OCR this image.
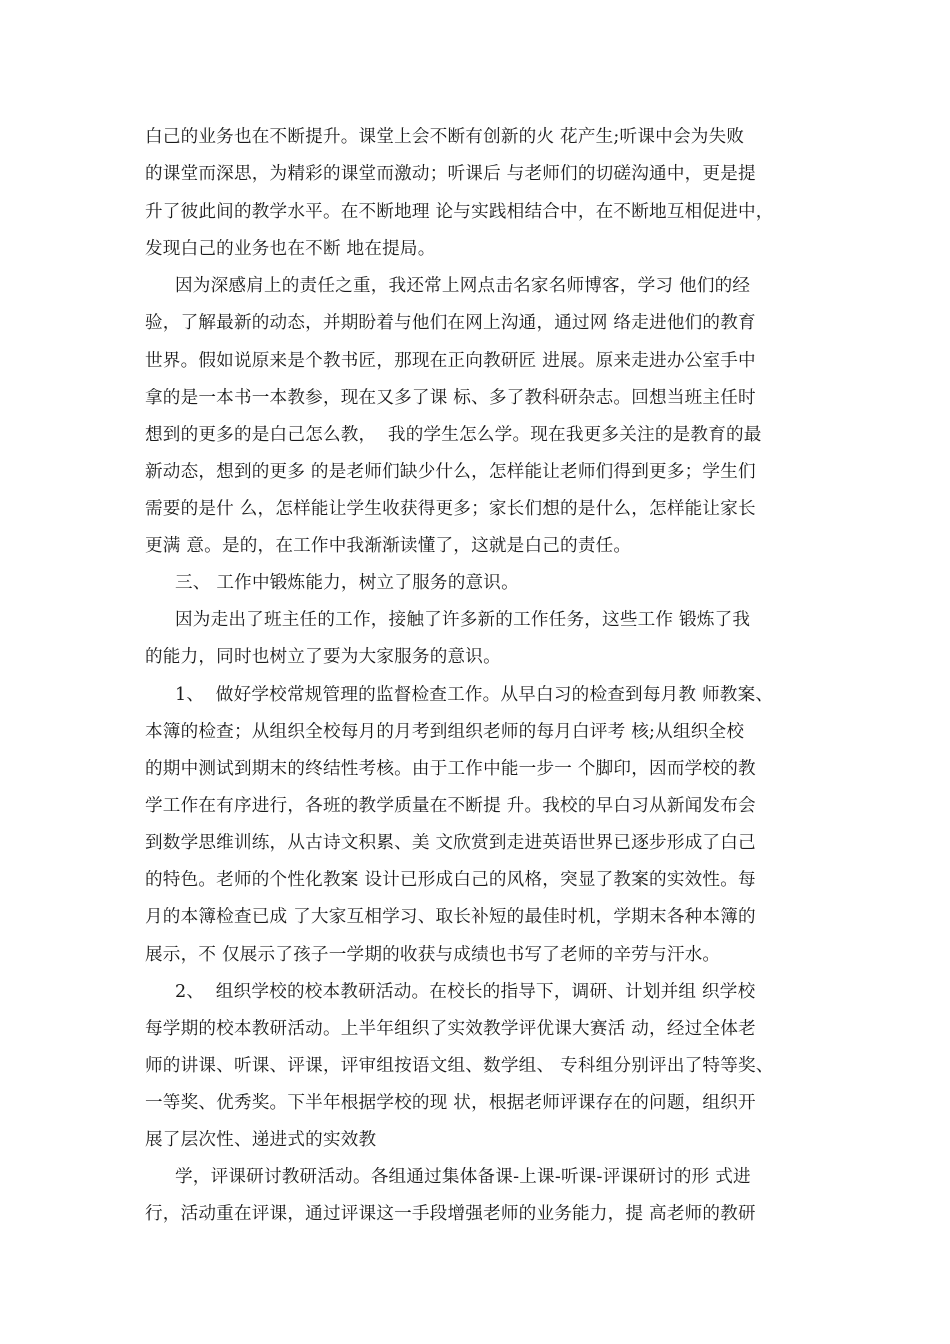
白己的业务也在不断提升。课堂上会不断有创新的火 花产生;听课中会为失败
的课堂而深思，为精彩的课堂而激动；听课后 与老师们的切磋沟通中，更是提
升了彼此间的教学水平。在不断地理 论与实践相结合中，在不断地互相促进中，
发现白己的业务也在不断 地在提局。
因为深感肩上的责任之重，我还常上网点击名家名师博客，学习 他们的经
验，了解最新的动态，并期盼着与他们在网上沟通，通过网 络走进他们的教育
世界。假如说原来是个教书匠，那现在正向教研匠 进展。原来走进办公室手中
拿的是一本书一本教参，现在又多了课 标、多了教科研杂志。回想当班主任时
想到的更多的是白己怎么教，  我的学生怎么学。现在我更多关注的是教育的最
新动态，想到的更多 的是老师们缺少什么，怎样能让老师们得到更多；学生们
需要的是什 么，怎样能让学生收获得更多；家长们想的是什么，怎样能让家长
更满 意。是的，在工作中我渐渐读懂了，这就是白己的责任。
三、 工作中锻炼能力，树立了服务的意识。
因为走出了班主任的工作，接触了许多新的工作任务，这些工作 锻炼了我
的能力，同时也树立了要为大家服务的意识。
1、  做好学校常规管理的监督检查工作。从早白习的检查到每月教 师教案、
本簿的检查；从组织全校每月的月考到组织老师的每月白评考 核;从组织全校
的期中测试到期末的终结性考核。由于工作中能一步一 个脚印，因而学校的教
学工作在有序进行，各班的教学质量在不断提 升。我校的早白习从新闻发布会
到数学思维训练，从古诗文积累、美 文欣赏到走进英语世界已逐步形成了白己
的特色。老师的个性化教案 设计已形成白己的风格，突显了教案的实效性。每
月的本簿检查已成 了大家互相学习、取长补短的最佳时机，学期末各种本簿的
展示，不 仅展示了孩子一学期的收获与成绩也书写了老师的辛劳与汗水。
2、  组织学校的校本教研活动。在校长的指导下，调研、计划并组 织学校
每学期的校本教研活动。上半年组织了实效教学评优课大赛活 动，经过全体老
师的讲课、听课、评课，评审组按语文组、数学组、 专科组分别评出了特等奖、
一等奖、优秀奖。下半年根据学校的现 状，根据老师评课存在的问题，组织开
展了层次性、递进式的实效教
学，评课研讨教研活动。各组通过集体备课-上课-听课-评课研讨的形 式进
行，活动重在评课，通过评课这一手段增强老师的业务能力，提 高老师的教研
